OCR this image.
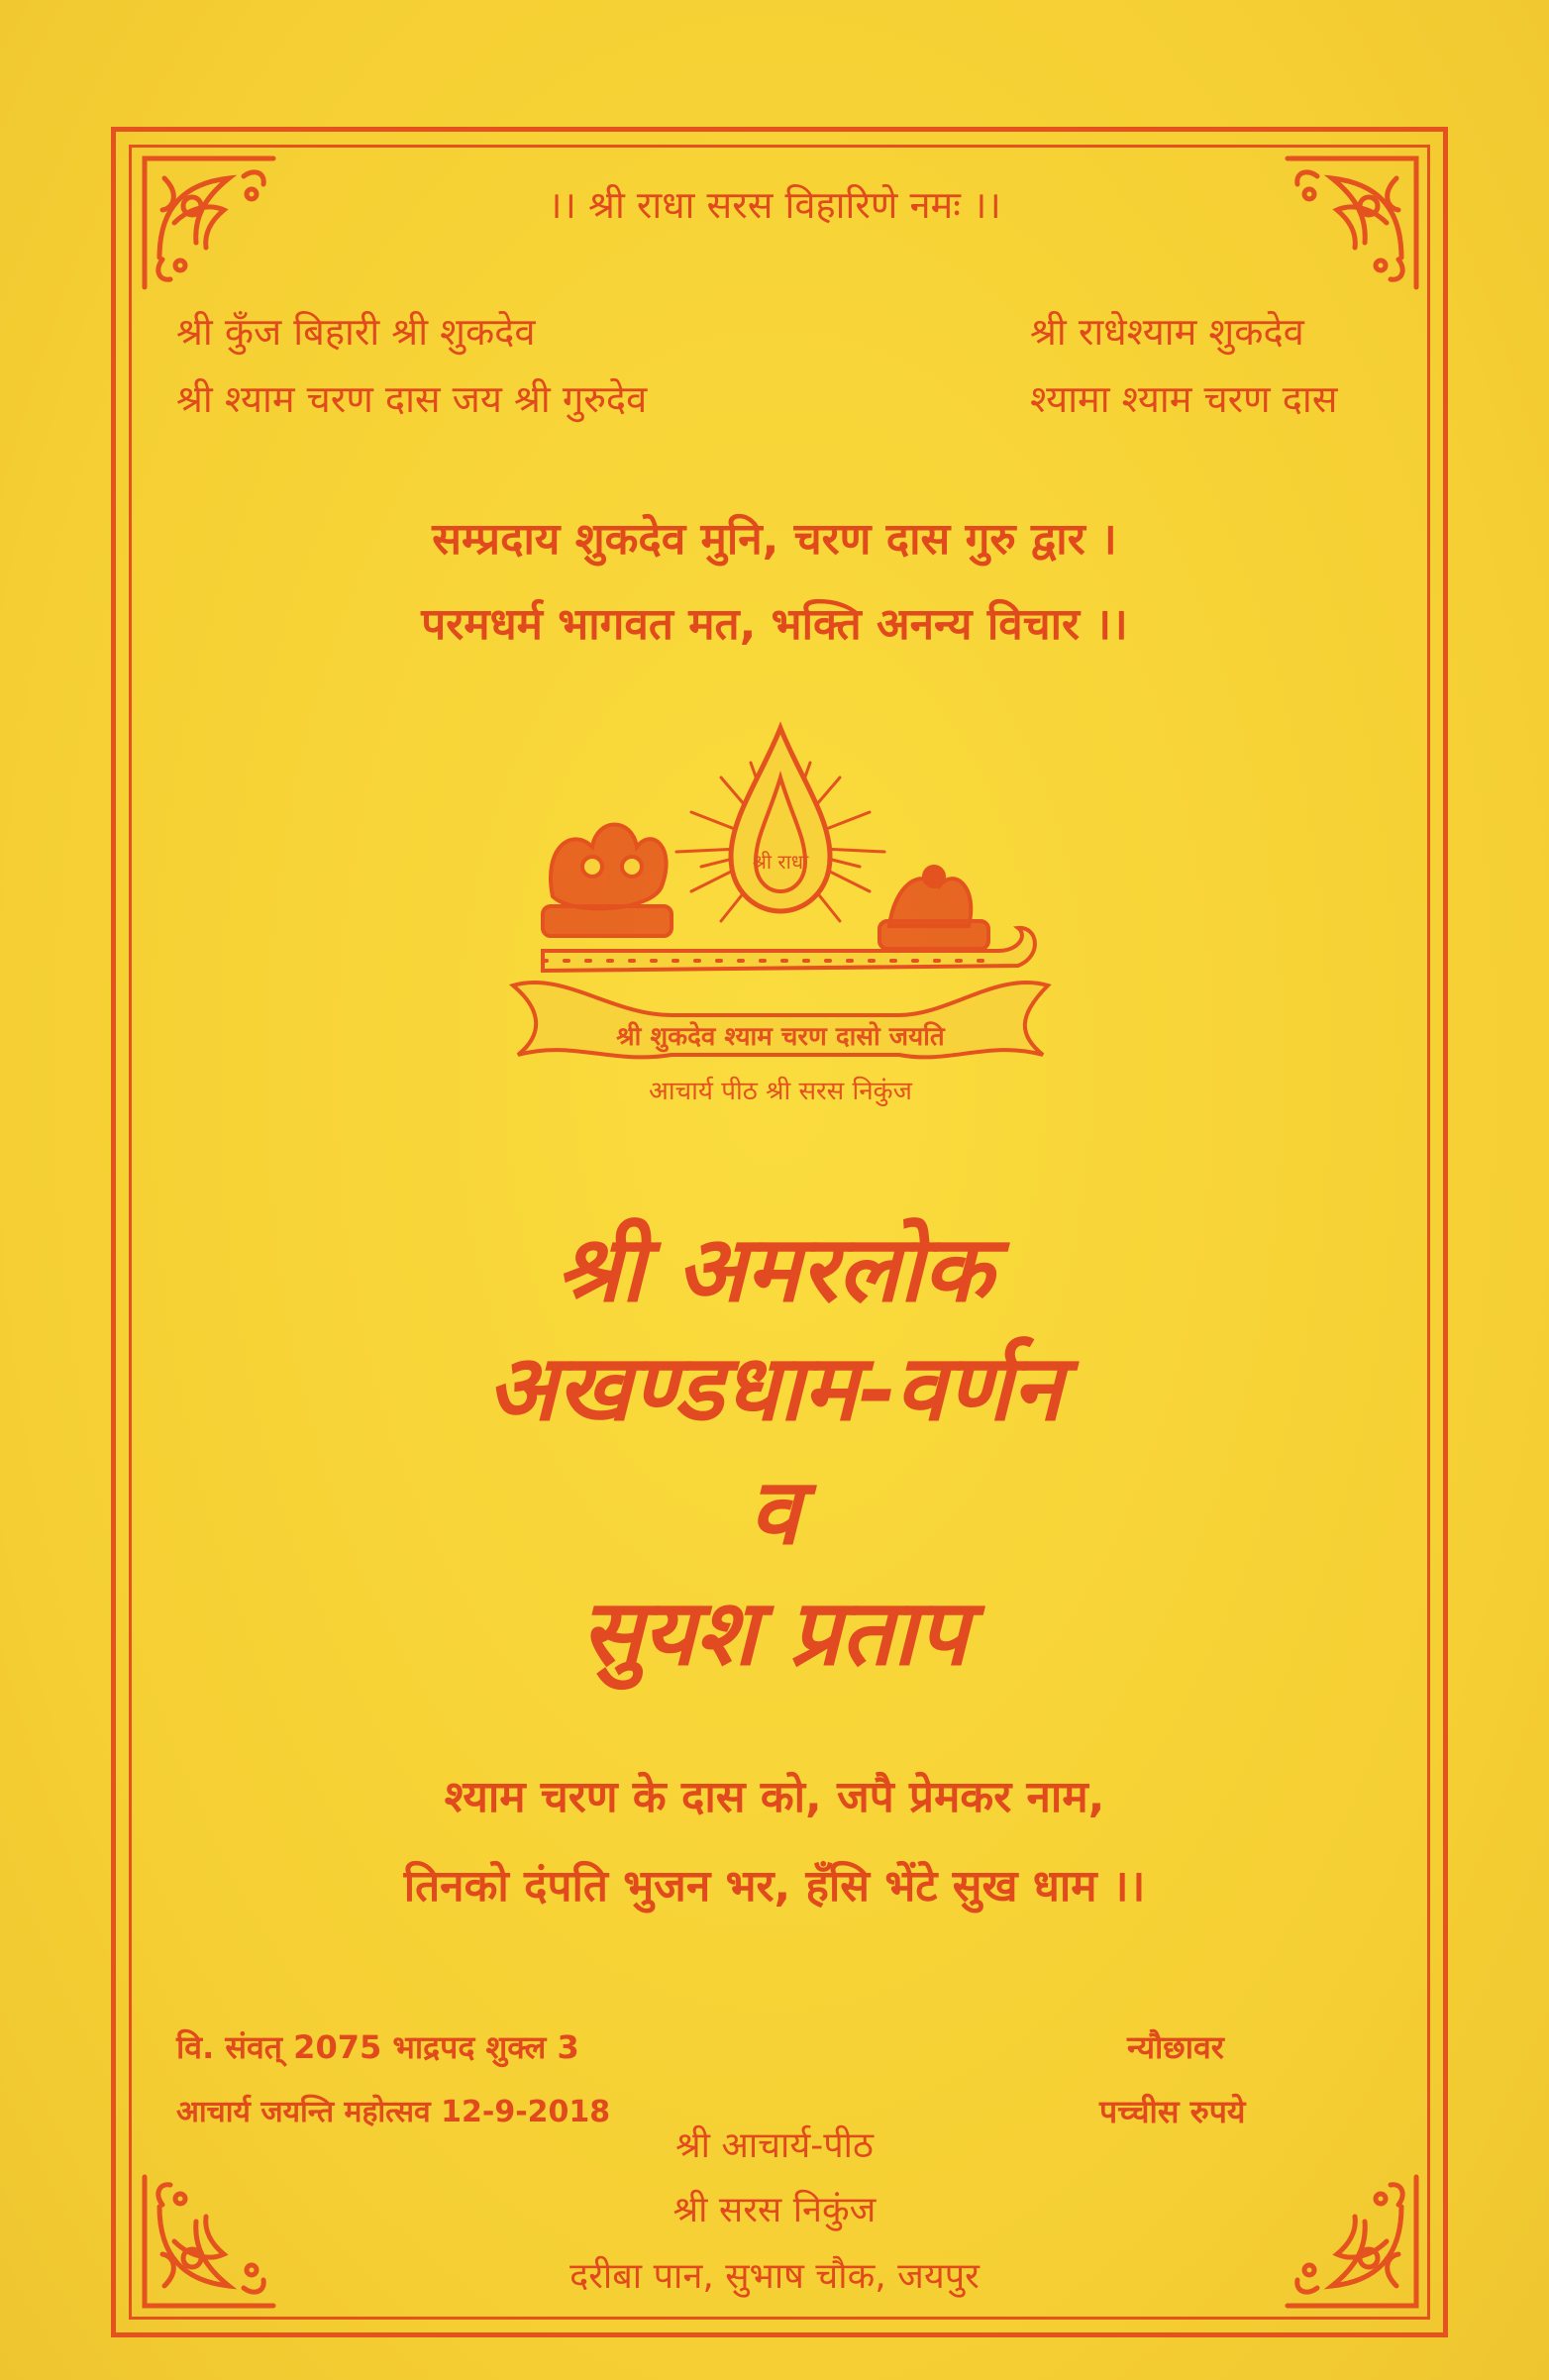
।। श्री राधा सरस विहारिणे नमः ।।
श्री कुँज बिहारी श्री शुकदेव
श्री श्याम चरण दास जय श्री गुरुदेव
श्री राधेश्याम शुकदेव
श्यामा श्याम चरण दास
सम्प्रदाय शुकदेव मुनि, चरण दास गुरु द्वार ।
परमधर्म भागवत मत, भक्ति अनन्य विचार ।।
श्री राधा
श्री शुकदेव श्याम चरण दासो जयति
आचार्य पीठ श्री सरस निकुंज
श्री अमरलोक
अखण्डधाम-वर्णन
व
सुयश प्रताप
श्याम चरण के दास को, जपै प्रेमकर नाम,
तिनको दंपति भुजन भर, हँसि भेंटे सुख धाम ।।
वि. संवत् 2075 भाद्रपद शुक्ल 3
आचार्य जयन्ति महोत्सव 12-9-2018
न्यौछावर
पच्चीस रुपये
श्री आचार्य-पीठ
श्री सरस निकुंज
दरीबा पान, सुभाष चौक, जयपुर
